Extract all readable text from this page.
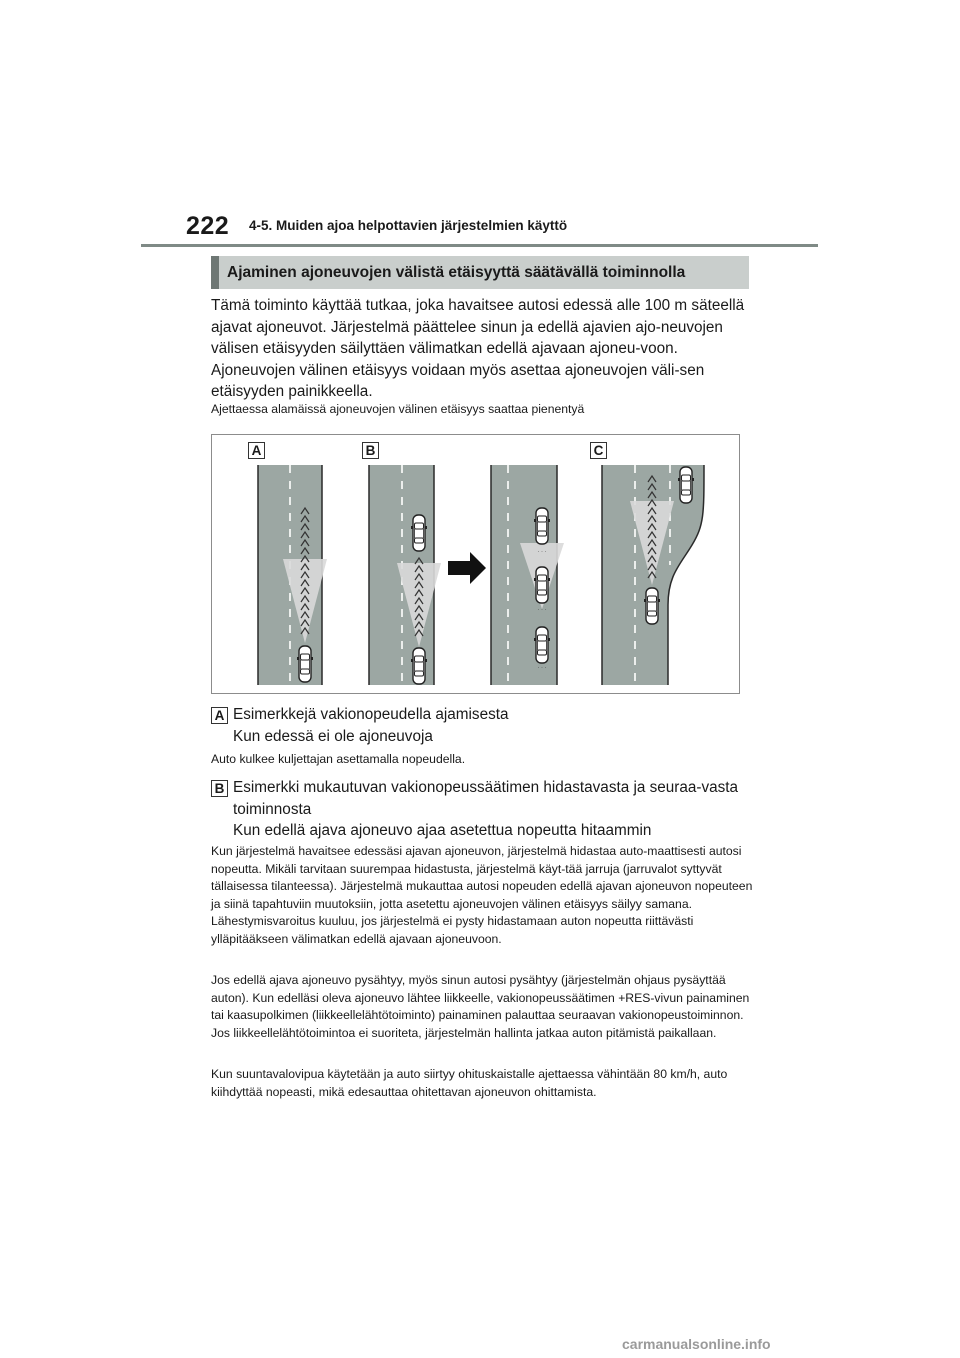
222 4-5. Muiden ajoa helpottavien järjestelmien käyttö
Ajaminen ajoneuvojen välistä etäisyyttä säätävällä toiminnolla

Tämä toiminto käyttää tutkaa, joka havaitsee autosi edessä alle 100 m säteellä ajavat ajoneuvot. Järjestelmä päättelee sinun ja edellä ajavien ajo-neuvojen välisen etäisyyden säilyttäen välimatkan edellä ajavaan ajoneu-voon. Ajoneuvojen välinen etäisyys voidaan myös asettaa ajoneuvojen väli-sen etäisyyden painikkeella.

Ajettaessa alamäissä ajoneuvojen välinen etäisyys saattaa pienentyä

· · ·
· · ·
· · ·
A	B	C
A Esimerkkejä vakionopeudella ajamisesta

Kun edessä ei ole ajoneuvoja

Auto kulkee kuljettajan asettamalla nopeudella.

B Esimerkki mukautuvan vakionopeussäätimen hidastavasta ja seuraa-vasta toiminnosta

Kun edellä ajava ajoneuvo ajaa asetettua nopeutta hitaammin

Kun järjestelmä havaitsee edessäsi ajavan ajoneuvon, järjestelmä hidastaa auto-maattisesti autosi nopeutta. Mikäli tarvitaan suurempaa hidastusta, järjestelmä käyt-tää jarruja (jarruvalot syttyvät tällaisessa tilanteessa). Järjestelmä mukauttaa autosi nopeuden edellä ajavan ajoneuvon nopeuteen ja siinä tapahtuviin muutoksiin, jotta asetettu ajoneuvojen välinen etäisyys säilyy samana. Lähestymisvaroitus kuuluu, jos järjestelmä ei pysty hidastamaan auton nopeutta riittävästi ylläpitääkseen välimatkan edellä ajavaan ajoneuvoon.

Jos edellä ajava ajoneuvo pysähtyy, myös sinun autosi pysähtyy (järjestelmän ohjaus pysäyttää auton). Kun edelläsi oleva ajoneuvo lähtee liikkeelle, vakionopeussäätimen +RES-vivun painaminen tai kaasupolkimen (liikkeellelähtötoiminto) painaminen palauttaa seuraavan vakionopeustoiminnon. Jos liikkeellelähtötoimintoa ei suoriteta, järjestelmän hallinta jatkaa auton pitämistä paikallaan.

Kun suuntavalovipua käytetään ja auto siirtyy ohituskaistalle ajettaessa vähintään 80 km/h, auto kiihdyttää nopeasti, mikä edesauttaa ohitettavan ajoneuvon ohittamista.

carmanualsonline.info
